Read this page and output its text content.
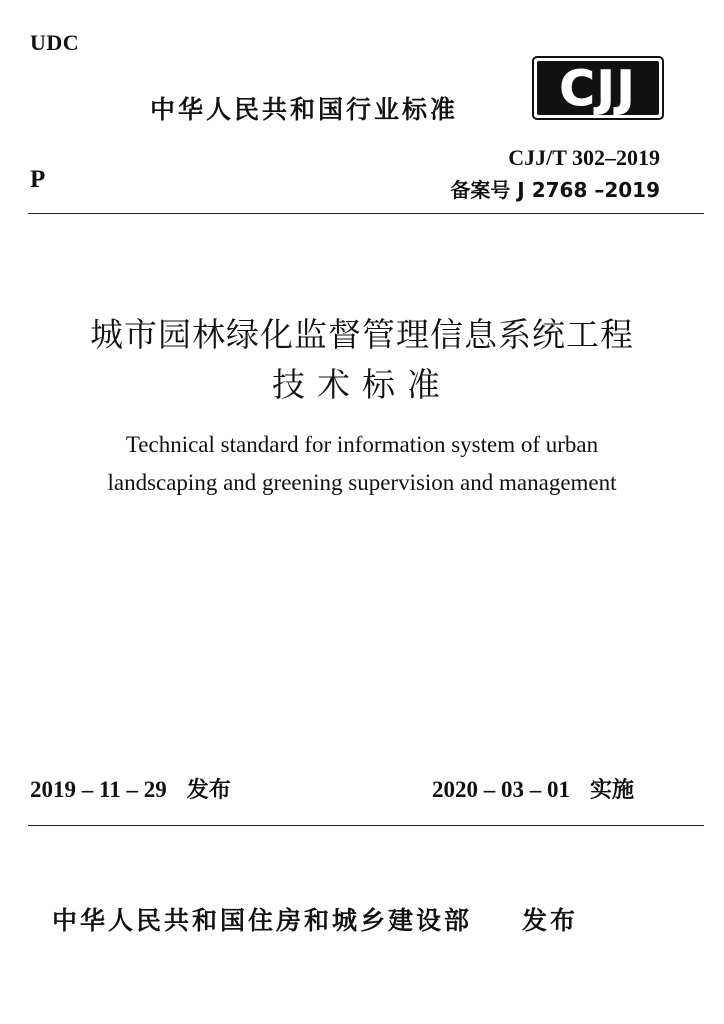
UDC
中华人民共和国行业标准 CJJ
P
CJJ/T 302–2019
备案号 J 2768 –2019
城市园林绿化监督管理信息系统工程
技术标准
Technical standard for information system of urban
landscaping and greening supervision and management
2019 – 11 – 29 发布	2020 – 03 – 01 实施
中华人民共和国住房和城乡建设部 发布
